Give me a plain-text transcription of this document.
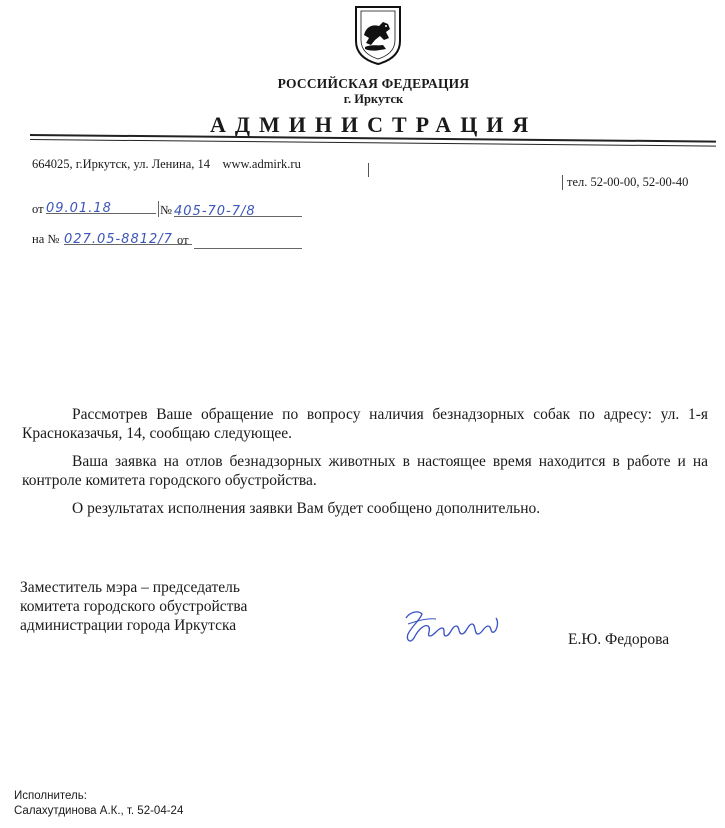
РОССИЙСКАЯ ФЕДЕРАЦИЯ
г. Иркутск
АДМИНИСТРАЦИЯ
664025, г.Иркутск, ул. Ленина, 14 www.admirk.ru
тел. 52-00-00, 52-00-40
от 09.01.18	№ 405-70-7/8
на № 027.05-8812/7 от
Рассмотрев Ваше обращение по вопросу наличия безнадзорных собак по адресу: ул. 1-я Красноказачья, 14, сообщаю следующее.
Ваша заявка на отлов безнадзорных животных в настоящее время находится в работе и на контроле комитета городского обустройства.
О результатах исполнения заявки Вам будет сообщено дополнительно.
Заместитель мэра – председатель
комитета городского обустройства
администрации города Иркутска
Е.Ю. Федорова
Исполнитель:
Салахутдинова А.К., т. 52-04-24
